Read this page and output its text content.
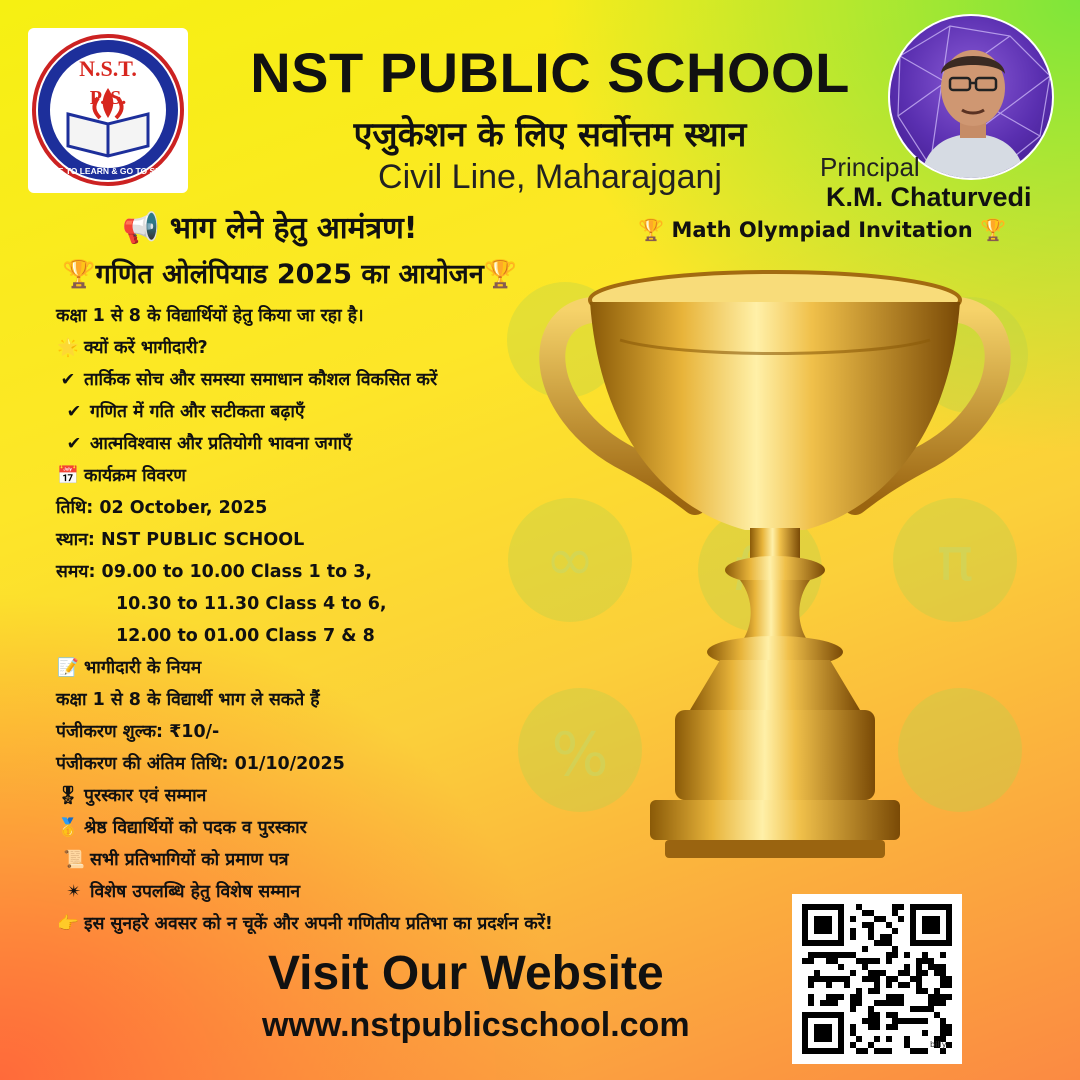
N.S.T.
P. S.
COME TO LEARN & GO TO SERVE
NST PUBLIC SCHOOL
एजुकेशन के लिए सर्वोत्तम स्थान
Civil Line, Maharajganj	Principal
K.M. Chaturvedi
🏆 Math Olympiad Invitation 🏆
📢 भाग लेने हेतु आमंत्रण!
🏆गणित ओलंपियाड 2025 का आयोजन🏆
∞	π
%
कक्षा 1 से 8 के विद्यार्थियों हेतु किया जा रहा है।
🌟 क्यों करें भागीदारी?
✔ तार्किक सोच और समस्या समाधान कौशल विकसित करें
✔ गणित में गति और सटीकता बढ़ाएँ
✔ आत्मविश्वास और प्रतियोगी भावना जगाएँ
📅 कार्यक्रम विवरण
तिथि: 02 October, 2025
स्थान: NST PUBLIC SCHOOL
समय: 09.00 to 10.00 Class 1 to 3,
10.30 to 11.30 Class 4 to 6,
12.00 to 01.00 Class 7 & 8
📝 भागीदारी के नियम
कक्षा 1 से 8 के विद्यार्थी भाग ले सकते हैं
पंजीकरण शुल्क: ₹10/-
पंजीकरण की अंतिम तिथि: 01/10/2025
🎖 पुरस्कार एवं सम्मान
🥇 श्रेष्ठ विद्यार्थियों को पदक व पुरस्कार
📜 सभी प्रतिभागियों को प्रमाण पत्र
✴ विशेष उपलब्धि हेतु विशेष सम्मान
👉 इस सुनहरे अवसर को न चूकें और अपनी गणितीय प्रतिभा का प्रदर्शन करें!
Visit Our Website
www.nstpublicschool.com
billy
